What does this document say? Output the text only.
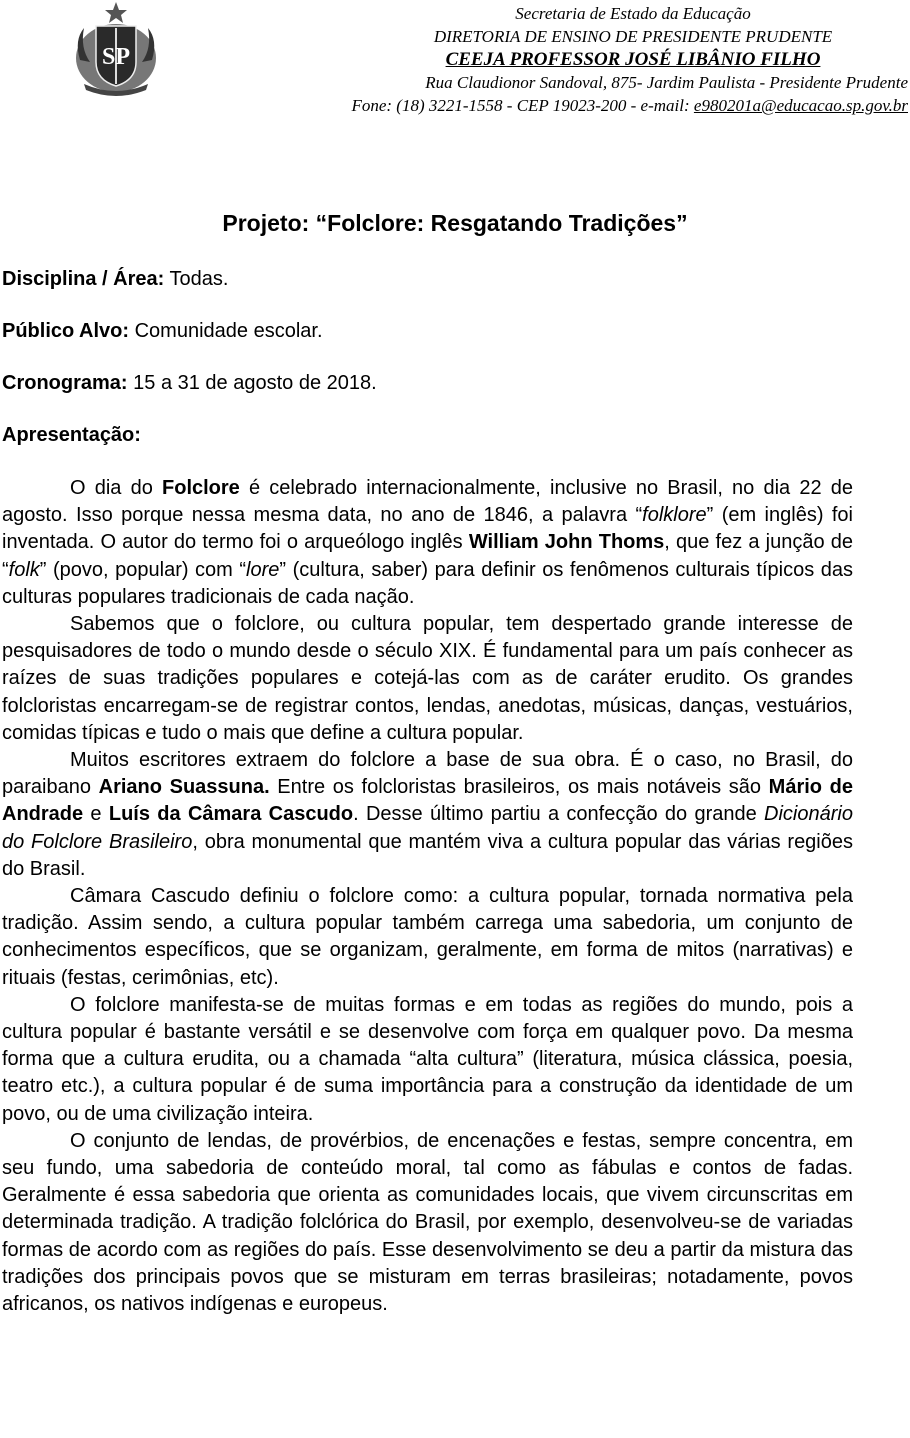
SP
Secretaria de Estado da Educação
DIRETORIA DE ENSINO DE PRESIDENTE PRUDENTE
CEEJA PROFESSOR JOSÉ LIBÂNIO FILHO
Rua Claudionor Sandoval, 875- Jardim Paulista - Presidente Prudente
Fone: (18) 3221-1558 - CEP 19023-200 - e-mail: e980201a@educacao.sp.gov.br
Projeto: “Folclore: Resgatando Tradições”
Disciplina / Área: Todas.
Público Alvo: Comunidade escolar.
Cronograma: 15 a 31 de agosto de 2018.
Apresentação:

O dia do Folclore é celebrado internacionalmente, inclusive no Brasil, no dia 22 de agosto. Isso porque nessa mesma data, no ano de 1846, a palavra “folklore” (em inglês) foi inventada. O autor do termo foi o arqueólogo inglês William John Thoms, que fez a junção de “folk” (povo, popular) com “lore” (cultura, saber) para definir os fenômenos culturais típicos das culturas populares tradicionais de cada nação.

Sabemos que o folclore, ou cultura popular, tem despertado grande interesse de pesquisadores de todo o mundo desde o século XIX. É fundamental para um país conhecer as raízes de suas tradições populares e cotejá-las com as de caráter erudito. Os grandes folcloristas encarregam-se de registrar contos, lendas, anedotas, músicas, danças, vestuários, comidas típicas e tudo o mais que define a cultura popular.

Muitos escritores extraem do folclore a base de sua obra. É o caso, no Brasil, do paraibano Ariano Suassuna. Entre os folcloristas brasileiros, os mais notáveis são Mário de Andrade e Luís da Câmara Cascudo. Desse último partiu a confecção do grande Dicionário do Folclore Brasileiro, obra monumental que mantém viva a cultura popular das várias regiões do Brasil.

Câmara Cascudo definiu o folclore como: a cultura popular, tornada normativa pela tradição. Assim sendo, a cultura popular também carrega uma sabedoria, um conjunto de conhecimentos específicos, que se organizam, geralmente, em forma de mitos (narrativas) e rituais (festas, cerimônias, etc).

O folclore manifesta-se de muitas formas e em todas as regiões do mundo, pois a cultura popular é bastante versátil e se desenvolve com força em qualquer povo. Da mesma forma que a cultura erudita, ou a chamada “alta cultura” (literatura, música clássica, poesia, teatro etc.), a cultura popular é de suma importância para a construção da identidade de um povo, ou de uma civilização inteira.

O conjunto de lendas, de provérbios, de encenações e festas, sempre concentra, em seu fundo, uma sabedoria de conteúdo moral, tal como as fábulas e contos de fadas. Geralmente é essa sabedoria que orienta as comunidades locais, que vivem circunscritas em determinada tradição. A tradição folclórica do Brasil, por exemplo, desenvolveu-se de variadas formas de acordo com as regiões do país. Esse desenvolvimento se deu a partir da mistura das tradições dos principais povos que se misturam em terras brasileiras; notadamente, povos africanos, os nativos indígenas e europeus.
